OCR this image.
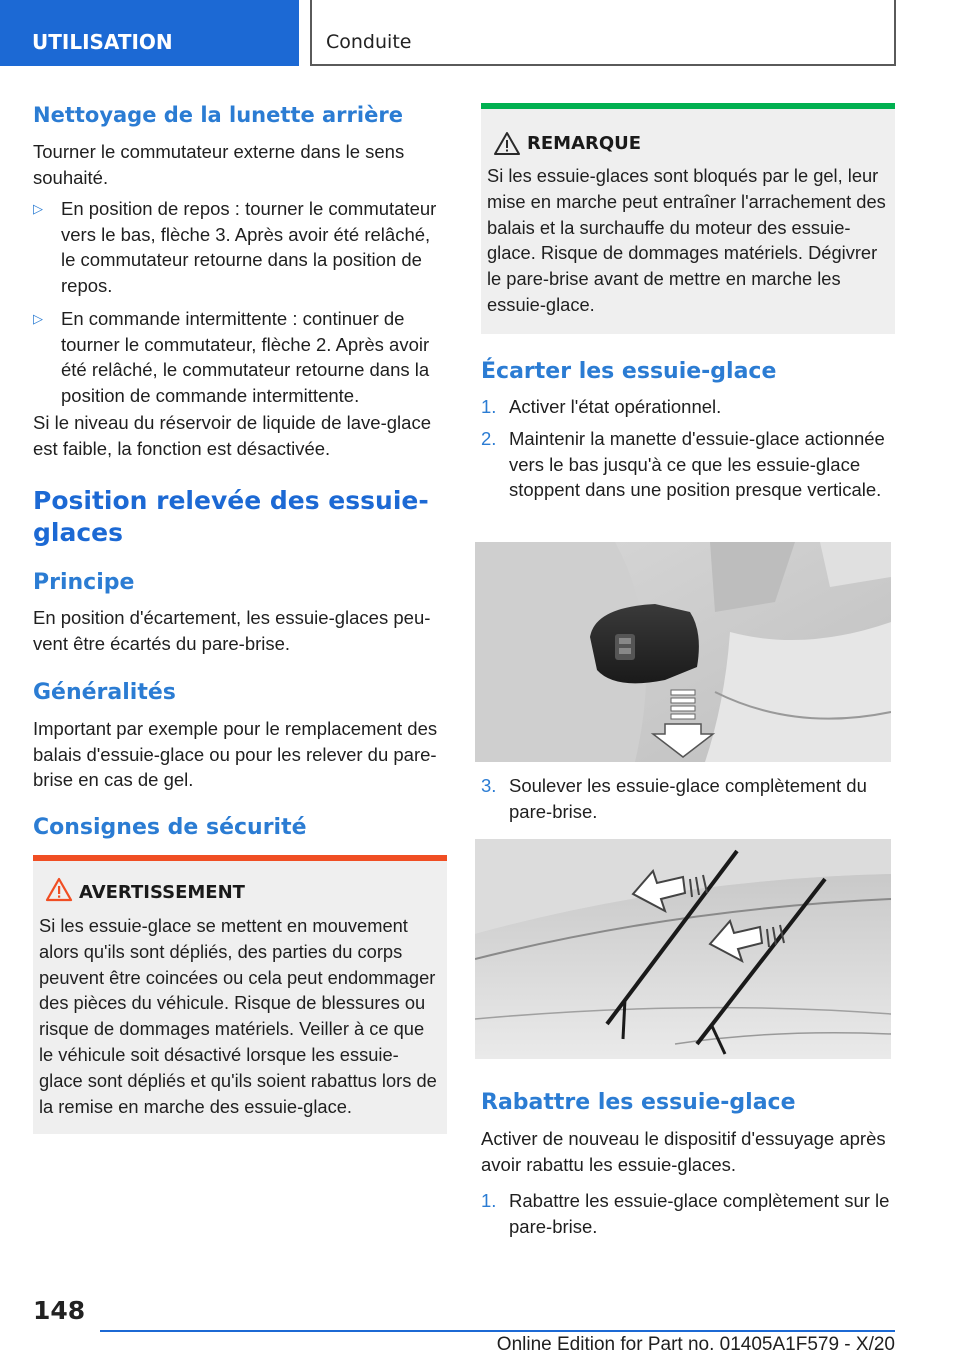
UTILISATION	Conduite
Nettoyage de la lunette arrière

Tourner le commutateur externe dans le sens souhaité.

▷ En position de repos : tourner le commutateur vers le bas, flèche 3. Après avoir été relâché, le commutateur retourne dans la position de repos.
▷ En commande intermittente : continuer de tourner le commutateur, flèche 2. Après avoir été relâché, le commutateur retourne dans la position de commande intermittente.

Si le niveau du réservoir de liquide de lave-glace est faible, la fonction est désactivée.

Position relevée des essuie-glaces
Principe

En position d'écartement, les essuie-glaces peuvent être écartés du pare-brise.

Généralités

Important par exemple pour le remplacement des balais d'essuie-glace ou pour les relever du pare-brise en cas de gel.

Consignes de sécurité
AVERTISSEMENT
Si les essuie-glace se mettent en mouvement alors qu'ils sont dépliés, des parties du corps peuvent être coincées ou cela peut endommager des pièces du véhicule. Risque de blessures ou risque de dommages matériels. Veiller à ce que le véhicule soit désactivé lorsque les essuie-glace sont dépliés et qu'ils soient rabattus lors de la remise en marche des essuie-glace.
REMARQUE
Si les essuie-glaces sont bloqués par le gel, leur mise en marche peut entraîner l'arrachement des balais et la surchauffe du moteur des essuie-glace. Risque de dommages matériels. Dégivrer le pare-brise avant de mettre en marche les essuie-glace.
Écarter les essuie-glace
1. Activer l'état opérationnel.
2. Maintenir la manette d'essuie-glace actionnée vers le bas jusqu'à ce que les essuie-glace stoppent dans une position presque verticale.
3. Soulever les essuie-glace complètement du pare-brise.
Rabattre les essuie-glace

Activer de nouveau le dispositif d'essuyage après avoir rabattu les essuie-glaces.

1. Rabattre les essuie-glace complètement sur le pare-brise.
148
Online Edition for Part no. 01405A1F579 - X/20
